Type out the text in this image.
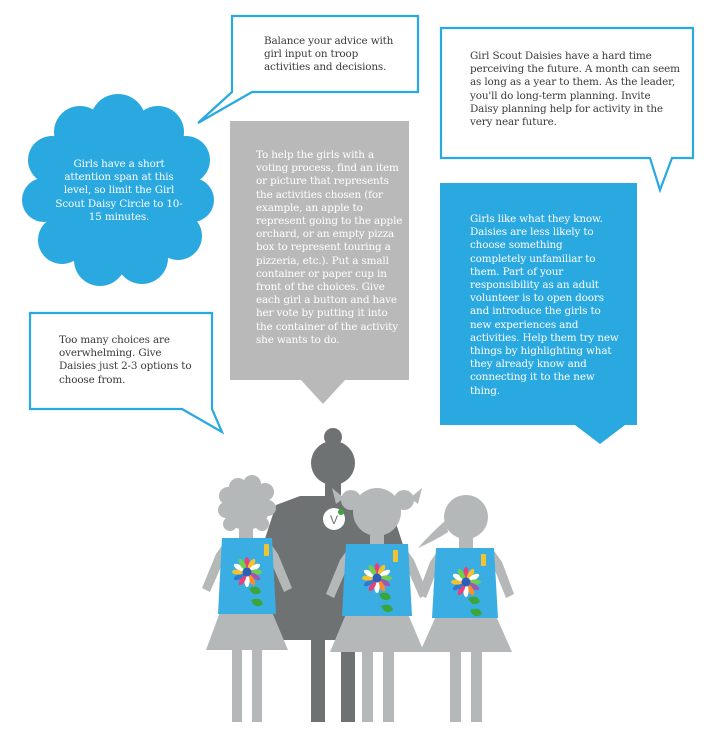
V

Balance your advice with girl input on troop activities and decisions.

Girl Scout Daisies have a hard time perceiving the future. A month can seem as long as a year to them. As the leader, you'll do long-term planning. Invite Daisy planning help for activity in the very near future.

Girls have a short attention span at this level, so limit the Girl Scout Daisy Circle to 10-15 minutes.

To help the girls with a voting process, find an item or picture that represents the activities chosen (for example, an apple to represent going to the apple orchard, or an empty pizza box to represent touring a pizzeria, etc.). Put a small container or paper cup in front of the choices. Give each girl a button and have her vote by putting it into the container of the activity she wants to do.

Girls like what they know. Daisies are less likely to choose something completely unfamiliar to them. Part of your responsibility as an adult volunteer is to open doors and introduce the girls to new experiences and activities. Help them try new things by highlighting what they already know and connecting it to the new thing.

Too many choices are overwhelming. Give Daisies just 2-3 options to choose from.
